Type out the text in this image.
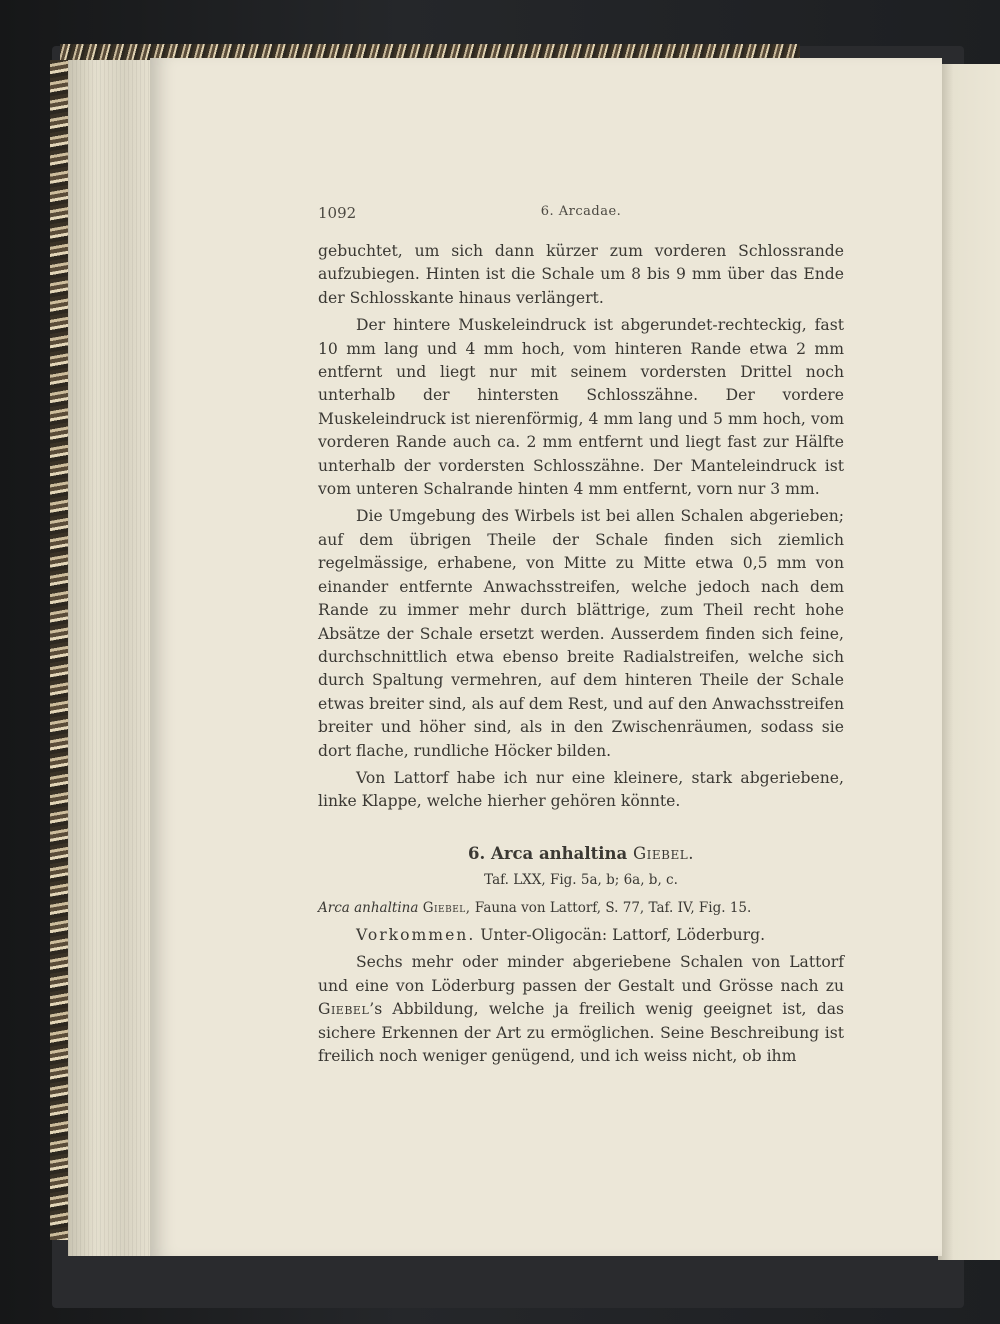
1092	6. Arcadae.

gebuchtet, um sich dann kürzer zum vorderen Schlossrande aufzubiegen. Hinten ist die Schale um 8 bis 9 mm über das Ende der Schlosskante hinaus verlängert.

Der hintere Muskeleindruck ist abgerundet-rechteckig, fast 10 mm lang und 4 mm hoch, vom hinteren Rande etwa 2 mm entfernt und liegt nur mit seinem vordersten Drittel noch unterhalb der hintersten Schlosszähne. Der vordere Muskeleindruck ist nierenförmig, 4 mm lang und 5 mm hoch, vom vorderen Rande auch ca. 2 mm entfernt und liegt fast zur Hälfte unterhalb der vordersten Schlosszähne. Der Manteleindruck ist vom unteren Schalrande hinten 4 mm entfernt, vorn nur 3 mm.

Die Umgebung des Wirbels ist bei allen Schalen abgerieben; auf dem übrigen Theile der Schale finden sich ziemlich regelmässige, erhabene, von Mitte zu Mitte etwa 0,5 mm von einander entfernte Anwachsstreifen, welche jedoch nach dem Rande zu immer mehr durch blättrige, zum Theil recht hohe Absätze der Schale ersetzt werden. Ausserdem finden sich feine, durchschnittlich etwa ebenso breite Radialstreifen, welche sich durch Spaltung vermehren, auf dem hinteren Theile der Schale etwas breiter sind, als auf dem Rest, und auf den Anwachsstreifen breiter und höher sind, als in den Zwischenräumen, sodass sie dort flache, rundliche Höcker bilden.

Von Lattorf habe ich nur eine kleinere, stark abgeriebene, linke Klappe, welche hierher gehören könnte.

6. Arca anhaltina Giebel.

Taf. LXX, Fig. 5a, b; 6a, b, c.

Arca anhaltina Giebel, Fauna von Lattorf, S. 77, Taf. IV, Fig. 15.

Vorkommen. Unter-Oligocän: Lattorf, Löderburg.

Sechs mehr oder minder abgeriebene Schalen von Lattorf und eine von Löderburg passen der Gestalt und Grösse nach zu Giebel’s Abbildung, welche ja freilich wenig geeignet ist, das sichere Erkennen der Art zu ermöglichen. Seine Beschreibung ist freilich noch weniger genügend, und ich weiss nicht, ob ihm
